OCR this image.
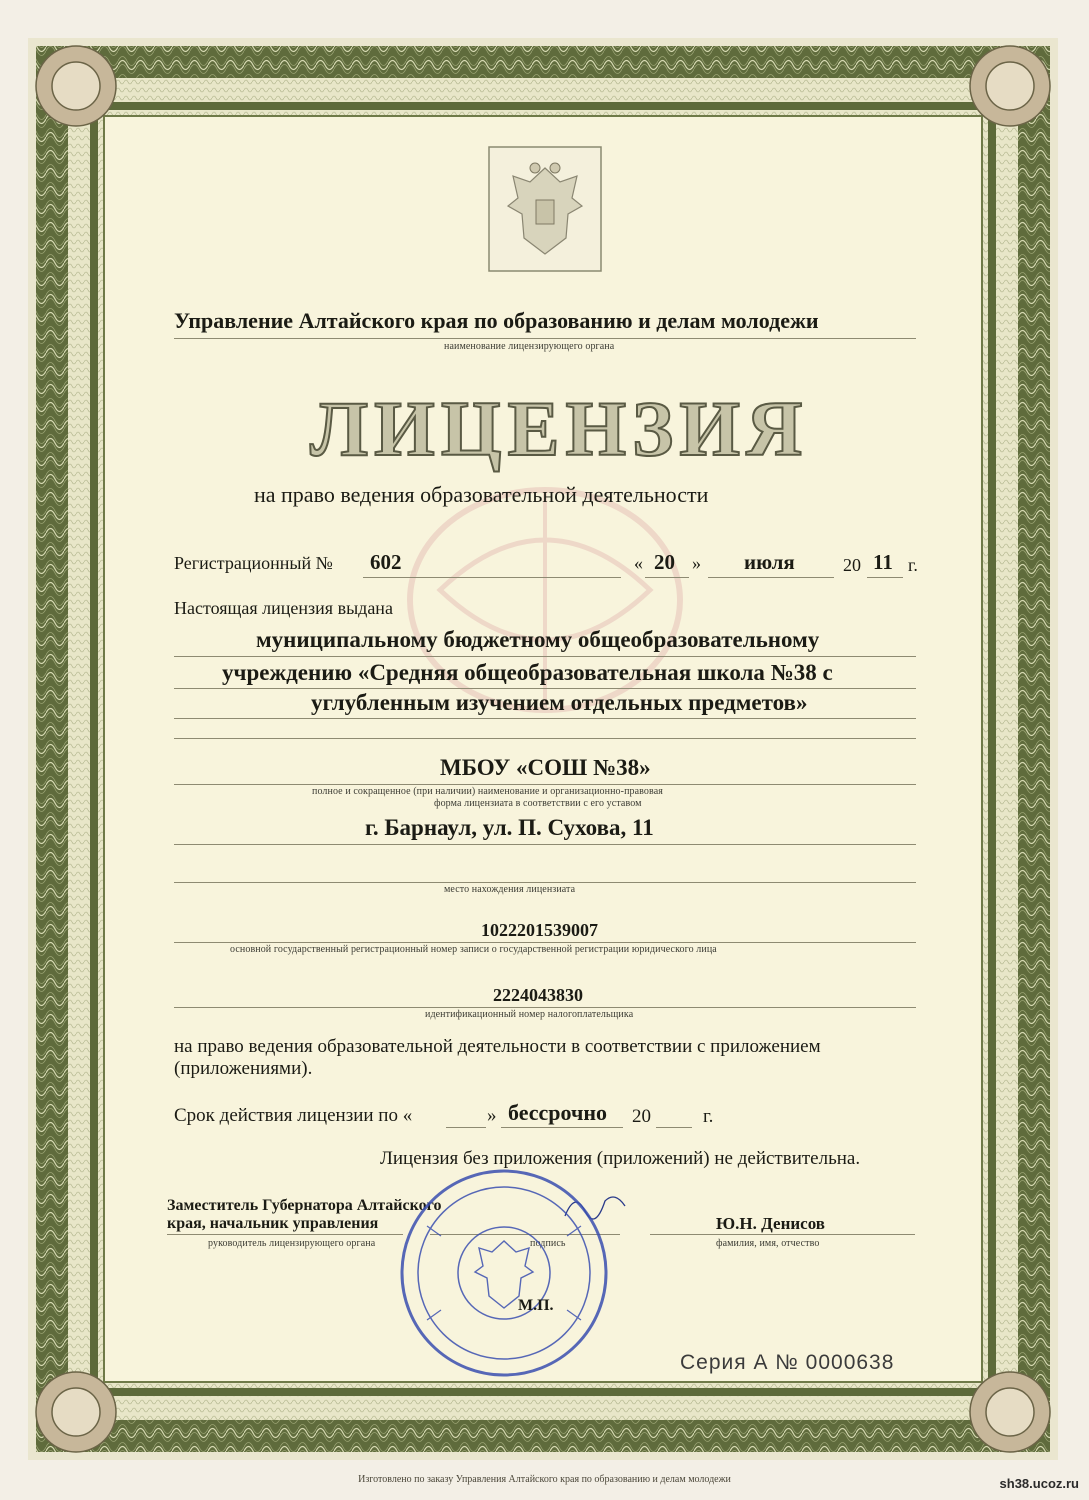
Управление Алтайского края по образованию и делам молодежи
наименование лицензирующего органа
ЛИЦЕНЗИЯ
на право ведения образовательной деятельности
Регистрационный № 602	« 20 » июля	20 11 г.
Настоящая лицензия выдана
муниципальному бюджетному общеобразовательному
учреждению «Средняя общеобразовательная школа №38 с
углубленным изучением отдельных предметов»
МБОУ «СОШ №38»
полное и сокращенное (при наличии) наименование и организационно-правовая
форма лицензиата в соответствии с его уставом
г. Барнаул, ул. П. Сухова, 11
место нахождения лицензиата
1022201539007
основной государственный регистрационный номер записи о государственной регистрации юридического лица
2224043830
идентификационный номер налогоплательщика
на право ведения образовательной деятельности в соответствии с приложением
(приложениями).
Срок действия лицензии по «	» бессрочно 20	г.
Лицензия без приложения (приложений) не действительна.
Заместитель Губернатора Алтайского
края, начальник управления
руководитель лицензирующего органа	подпись
Ю.Н. Денисов
фамилия, имя, отчество
М.П.
Серия А № 0000638
Изготовлено по заказу Управления Алтайского края по образованию и делам молодежи	sh38.ucoz.ru
